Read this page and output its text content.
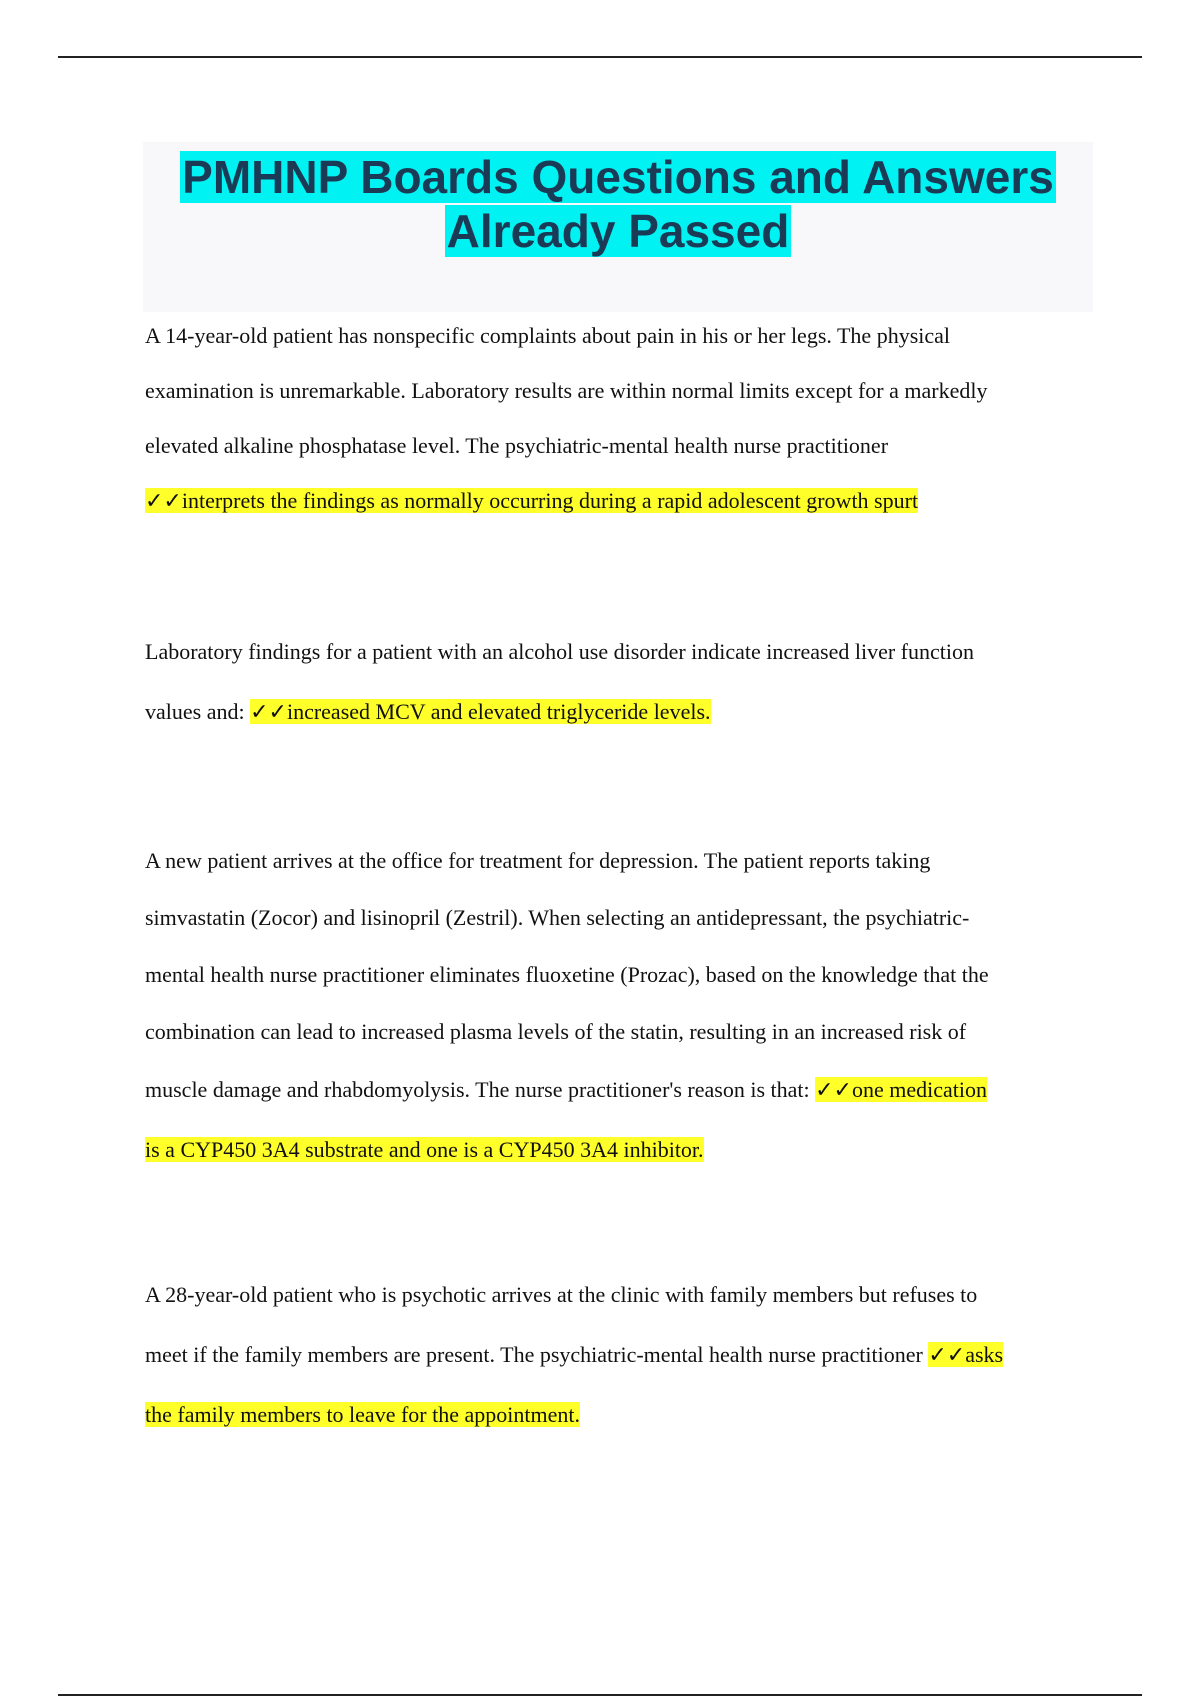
PMHNP Boards Questions and Answers
Already Passed
A 14-year-old patient has nonspecific complaints about pain in his or her legs. The physical
examination is unremarkable. Laboratory results are within normal limits except for a markedly
elevated alkaline phosphatase level. The psychiatric-mental health nurse practitioner
✓✓interprets the findings as normally occurring during a rapid adolescent growth spurt
Laboratory findings for a patient with an alcohol use disorder indicate increased liver function
values and: ✓✓increased MCV and elevated triglyceride levels.
A new patient arrives at the office for treatment for depression. The patient reports taking
simvastatin (Zocor) and lisinopril (Zestril). When selecting an antidepressant, the psychiatric-
mental health nurse practitioner eliminates fluoxetine (Prozac), based on the knowledge that the
combination can lead to increased plasma levels of the statin, resulting in an increased risk of
muscle damage and rhabdomyolysis. The nurse practitioner's reason is that: ✓✓one medication
is a CYP450 3A4 substrate and one is a CYP450 3A4 inhibitor.
A 28-year-old patient who is psychotic arrives at the clinic with family members but refuses to
meet if the family members are present. The psychiatric-mental health nurse practitioner ✓✓asks
the family members to leave for the appointment.
